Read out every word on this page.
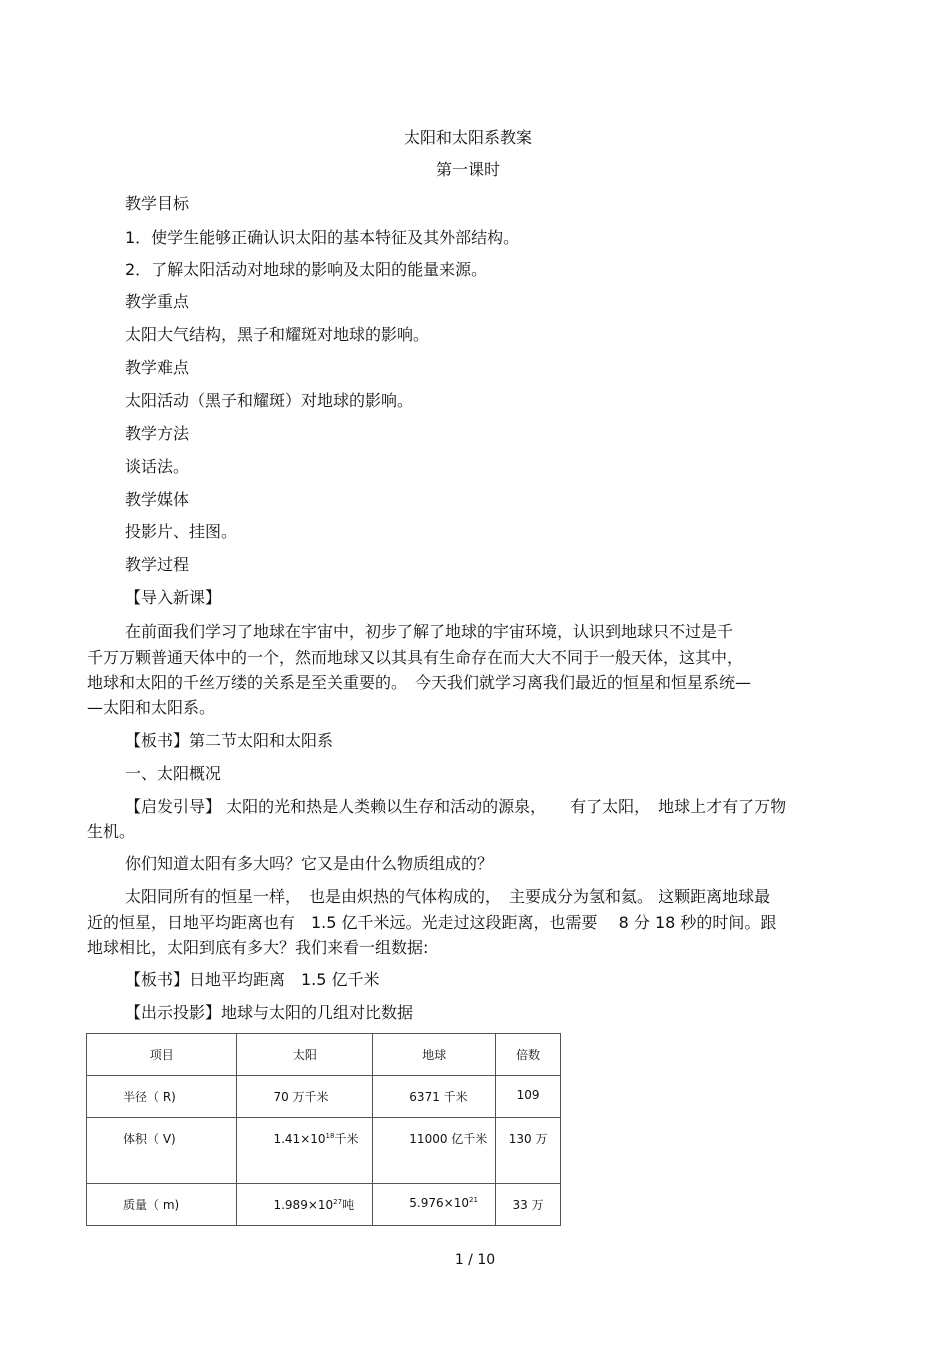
太阳和太阳系教案
第一课时
教学目标
1．使学生能够正确认识太阳的基本特征及其外部结构。
2．了解太阳活动对地球的影响及太阳的能量来源。
教学重点
太阳大气结构，黑子和耀斑对地球的影响。
教学难点
太阳活动（黑子和耀斑）对地球的影响。
教学方法
谈话法。
教学媒体
投影片、挂图。
教学过程
【导入新课】
在前面我们学习了地球在宇宙中，初步了解了地球的宇宙环境，认识到地球只不过是千
千万万颗普通天体中的一个，然而地球又以其具有生命存在而大大不同于一般天体，这其中，
地球和太阳的千丝万缕的关系是至关重要的。　今天我们就学习离我们最近的恒星和恒星系统—
—太阳和太阳系。
【板书】第二节太阳和太阳系
一、太阳概况
【启发引导】 太阳的光和热是人类赖以生存和活动的源泉，　　有了太阳，　地球上才有了万物
生机。
你们知道太阳有多大吗？它又是由什么物质组成的？
太阳同所有的恒星一样，　也是由炽热的气体构成的，　主要成分为氢和氦。 这颗距离地球最
近的恒星，日地平均距离也有　1.5 亿千米远。光走过这段距离，也需要　 8 分 18 秒的时间。跟
地球相比，太阳到底有多大？我们来看一组数据:
【板书】日地平均距离　1.5 亿千米
【出示投影】地球与太阳的几组对比数据
项目	太阳	地球	倍数

半径（ R)	70 万千米	6371 千米	109

体积（ V)	$1.41\times 10^{18}$千米	11000 亿千米	130 万

质量（ m)	$1.989\times 10^{27}$吨	$5.976\times 10^{21}$	33 万
1 / 10
